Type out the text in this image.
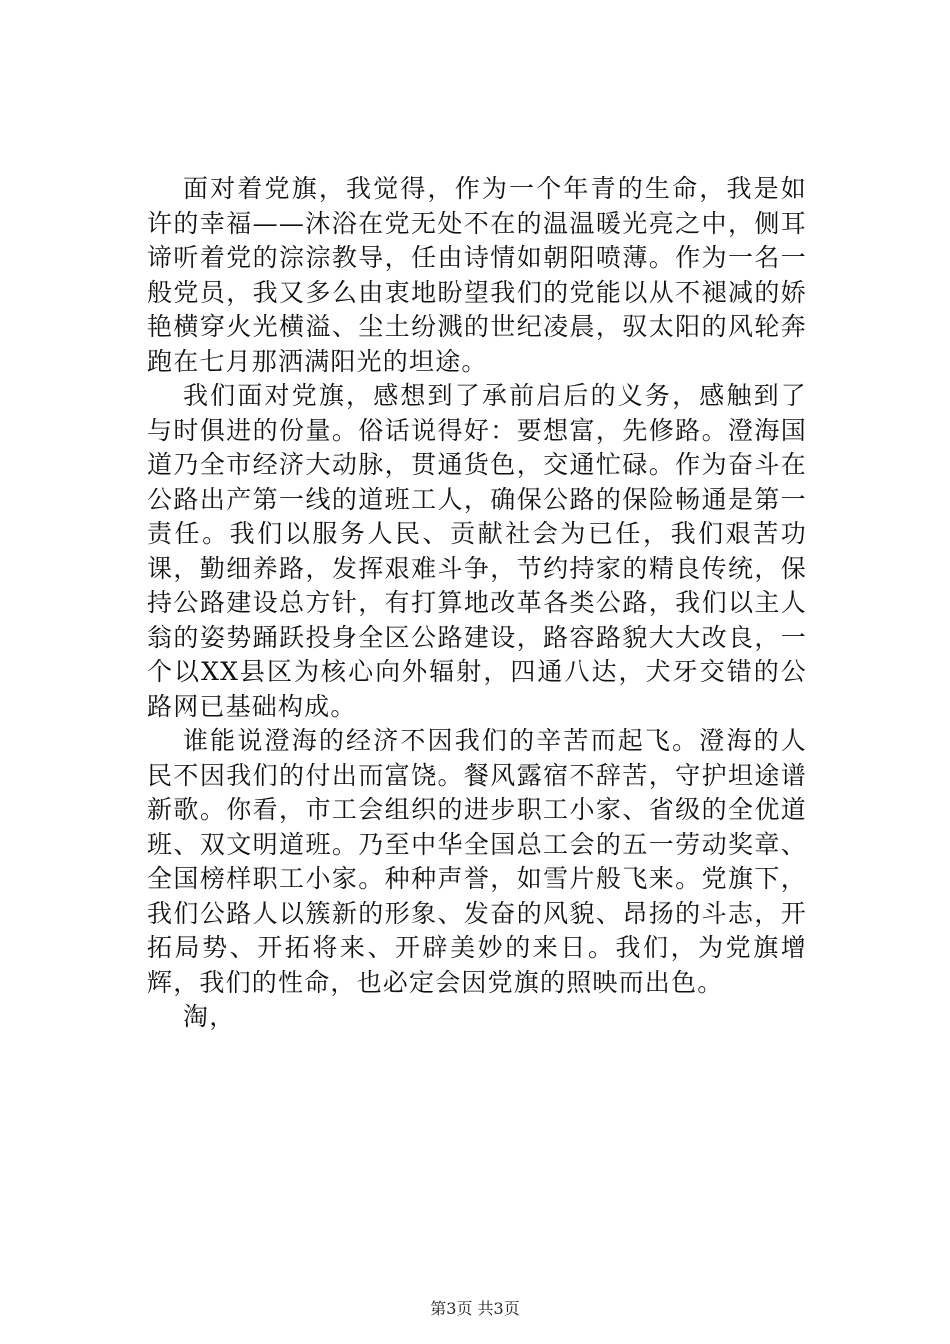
面对着党旗，我觉得，作为一个年青的生命，我是如许的幸福——沐浴在党无处不在的温温暖光亮之中，侧耳谛听着党的淙淙教导，任由诗情如朝阳喷薄。作为一名一般党员，我又多么由衷地盼望我们的党能以从不褪减的娇艳横穿火光横溢、尘土纷溅的世纪凌晨，驭太阳的风轮奔跑在七月那洒满阳光的坦途。

我们面对党旗，感想到了承前启后的义务，感触到了与时俱进的份量。俗话说得好：要想富，先修路。澄海国道乃全市经济大动脉，贯通货色，交通忙碌。作为奋斗在公路出产第一线的道班工人，确保公路的保险畅通是第一责任。我们以服务人民、贡献社会为已任，我们艰苦功课，勤细养路，发挥艰难斗争，节约持家的精良传统，保持公路建设总方针，有打算地改革各类公路，我们以主人翁的姿势踊跃投身全区公路建设，路容路貌大大改良，一个以XX县区为核心向外辐射，四通八达，犬牙交错的公路网已基础构成。

谁能说澄海的经济不因我们的辛苦而起飞。澄海的人民不因我们的付出而富饶。餐风露宿不辞苦，守护坦途谱新歌。你看，市工会组织的进步职工小家、省级的全优道班、双文明道班。乃至中华全国总工会的五一劳动奖章、全国榜样职工小家。种种声誉，如雪片般飞来。党旗下，我们公路人以簇新的形象、发奋的风貌、昂扬的斗志，开拓局势、开拓将来、开辟美妙的来日。我们，为党旗增辉，我们的性命，也必定会因党旗的照映而出色。

淘，

第3页 共3页
